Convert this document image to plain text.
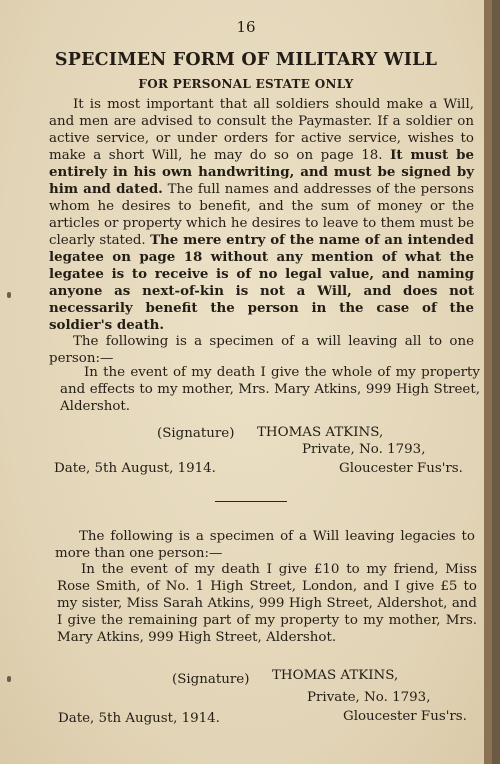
16
SPECIMEN FORM OF MILITARY WILL
FOR PERSONAL ESTATE ONLY

It is most important that all soldiers should make a Will, and men are advised to consult the Paymaster. If a soldier on active service, or under orders for active service, wishes to make a short Will, he may do so on page 18. It must be entirely in his own handwriting, and must be signed by him and dated. The full names and addresses of the persons whom he desires to benefit, and the sum of money or the articles or property which he desires to leave to them must be clearly stated. The mere entry of the name of an intended legatee on page 18 without any mention of what the legatee is to receive is of no legal value, and naming anyone as next-of-kin is not a Will, and does not necessarily benefit the person in the case of the soldier's death.

The following is a specimen of a will leaving all to one person:—

In the event of my death I give the whole of my property and effects to my mother, Mrs. Mary Atkins, 999 High Street, Aldershot.

(Signature) THOMAS ATKINS,
Private, No. 1793,
Date, 5th August, 1914.	Gloucester Fus'rs.

The following is a specimen of a Will leaving legacies to more than one person:—

In the event of my death I give £10 to my friend, Miss Rose Smith, of No. 1 High Street, London, and I give £5 to my sister, Miss Sarah Atkins, 999 High Street, Aldershot, and I give the remaining part of my property to my mother, Mrs. Mary Atkins, 999 High Street, Aldershot.

(Signature) THOMAS ATKINS,
Private, No. 1793,
Date, 5th August, 1914.	Gloucester Fus'rs.
